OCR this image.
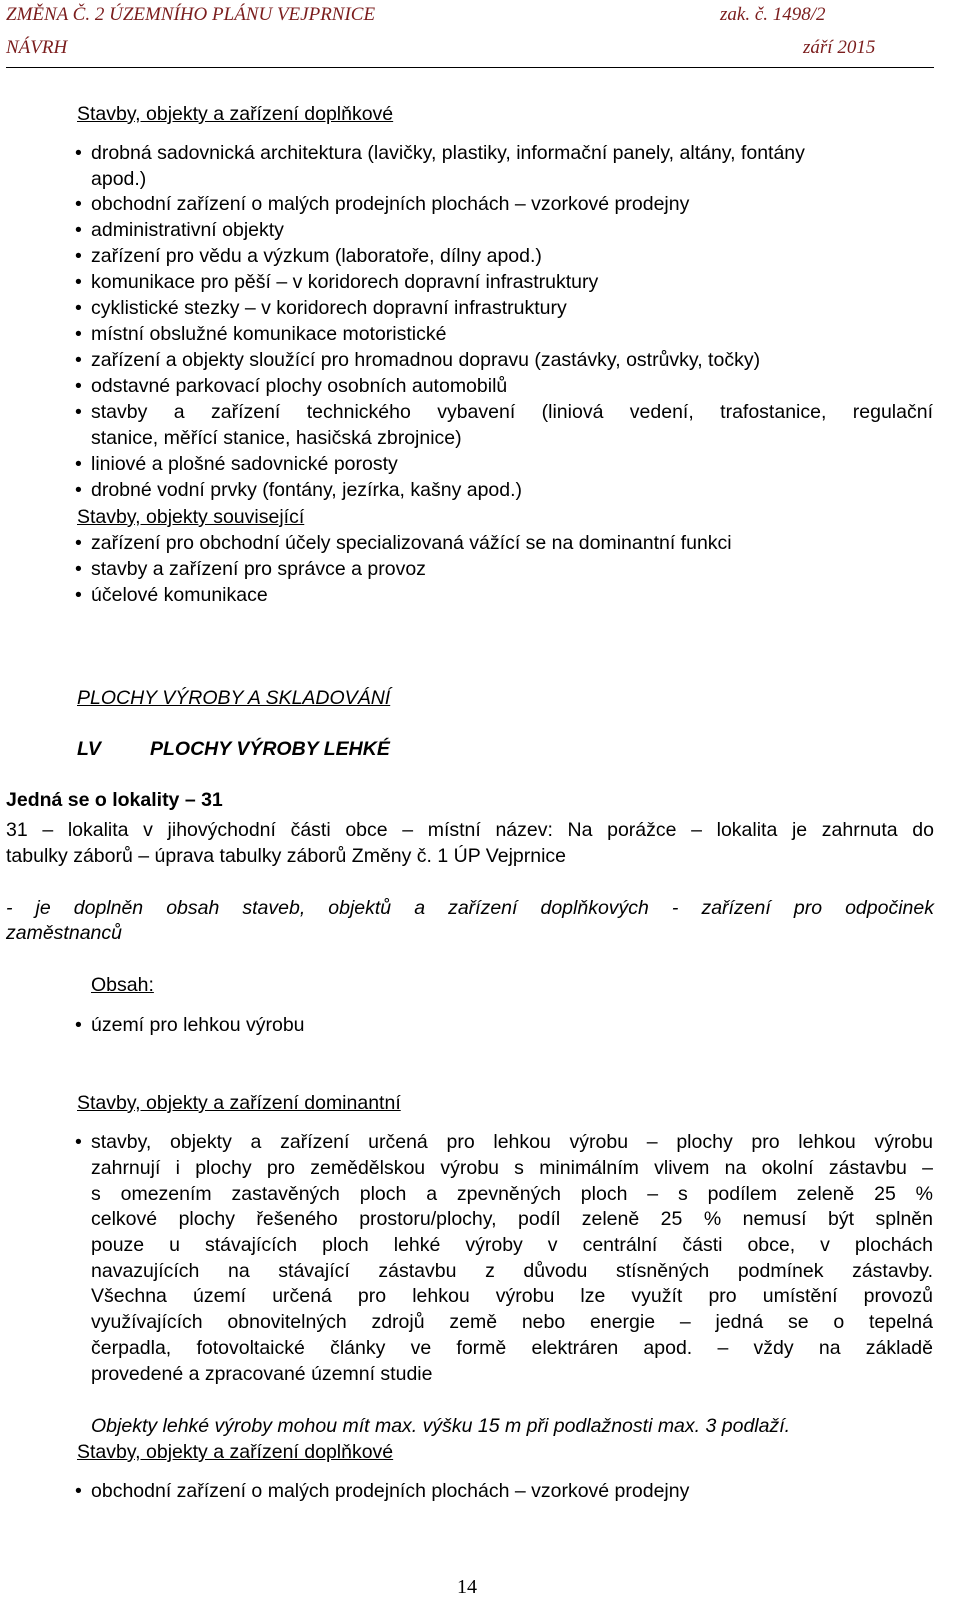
ZMĚNA Č. 2 ÚZEMNÍHO PLÁNU VEJPRNICE	zak. č. 1498/2
NÁVRH	září 2015
Stavby, objekty a zařízení doplňkové
• drobná sadovnická architektura (lavičky, plastiky, informační panely, altány, fontány
apod.)
• obchodní zařízení o malých prodejních plochách – vzorkové prodejny
• administrativní objekty
• zařízení pro vědu a výzkum (laboratoře, dílny apod.)
• komunikace pro pěší – v koridorech dopravní infrastruktury
• cyklistické stezky – v koridorech dopravní infrastruktury
• místní obslužné komunikace motoristické
• zařízení a objekty sloužící pro hromadnou dopravu (zastávky, ostrůvky, točky)
• odstavné parkovací plochy osobních automobilů
• stavby a zařízení technického vybavení (liniová vedení, trafostanice, regulační
stanice, měřící stanice, hasičská zbrojnice)
• liniové a plošné sadovnické porosty
• drobné vodní prvky (fontány, jezírka, kašny apod.)
Stavby, objekty související
• zařízení pro obchodní účely specializovaná vážící se na dominantní funkci
• stavby a zařízení pro správce a provoz
• účelové komunikace
PLOCHY VÝROBY A SKLADOVÁNÍ
LV	PLOCHY VÝROBY LEHKÉ
Jedná se o lokality – 31
31 – lokalita v jihovýchodní části obce – místní název: Na porážce – lokalita je zahrnuta do
tabulky záborů – úprava tabulky záborů Změny č. 1 ÚP Vejprnice
- je doplněn obsah staveb, objektů a zařízení doplňkových - zařízení pro odpočinek
zaměstnanců
Obsah:
• území pro lehkou výrobu
Stavby, objekty a zařízení dominantní
• stavby, objekty a zařízení určená pro lehkou výrobu – plochy pro lehkou výrobu
zahrnují i plochy pro zemědělskou výrobu s minimálním vlivem na okolní zástavbu –
s omezením zastavěných ploch a zpevněných ploch – s podílem zeleně 25 %
celkové plochy řešeného prostoru/plochy, podíl zeleně 25 % nemusí být splněn
pouze u stávajících ploch lehké výroby v centrální části obce, v plochách
navazujících na stávající zástavbu z důvodu stísněných podmínek zástavby.
Všechna území určená pro lehkou výrobu lze využít pro umístění provozů
využívajících obnovitelných zdrojů země nebo energie – jedná se o tepelná
čerpadla, fotovoltaické články ve formě elektráren apod. – vždy na základě
provedené a zpracované územní studie
Objekty lehké výroby mohou mít max. výšku 15 m při podlažnosti max. 3 podlaží.
Stavby, objekty a zařízení doplňkové
• obchodní zařízení o malých prodejních plochách – vzorkové prodejny
14
